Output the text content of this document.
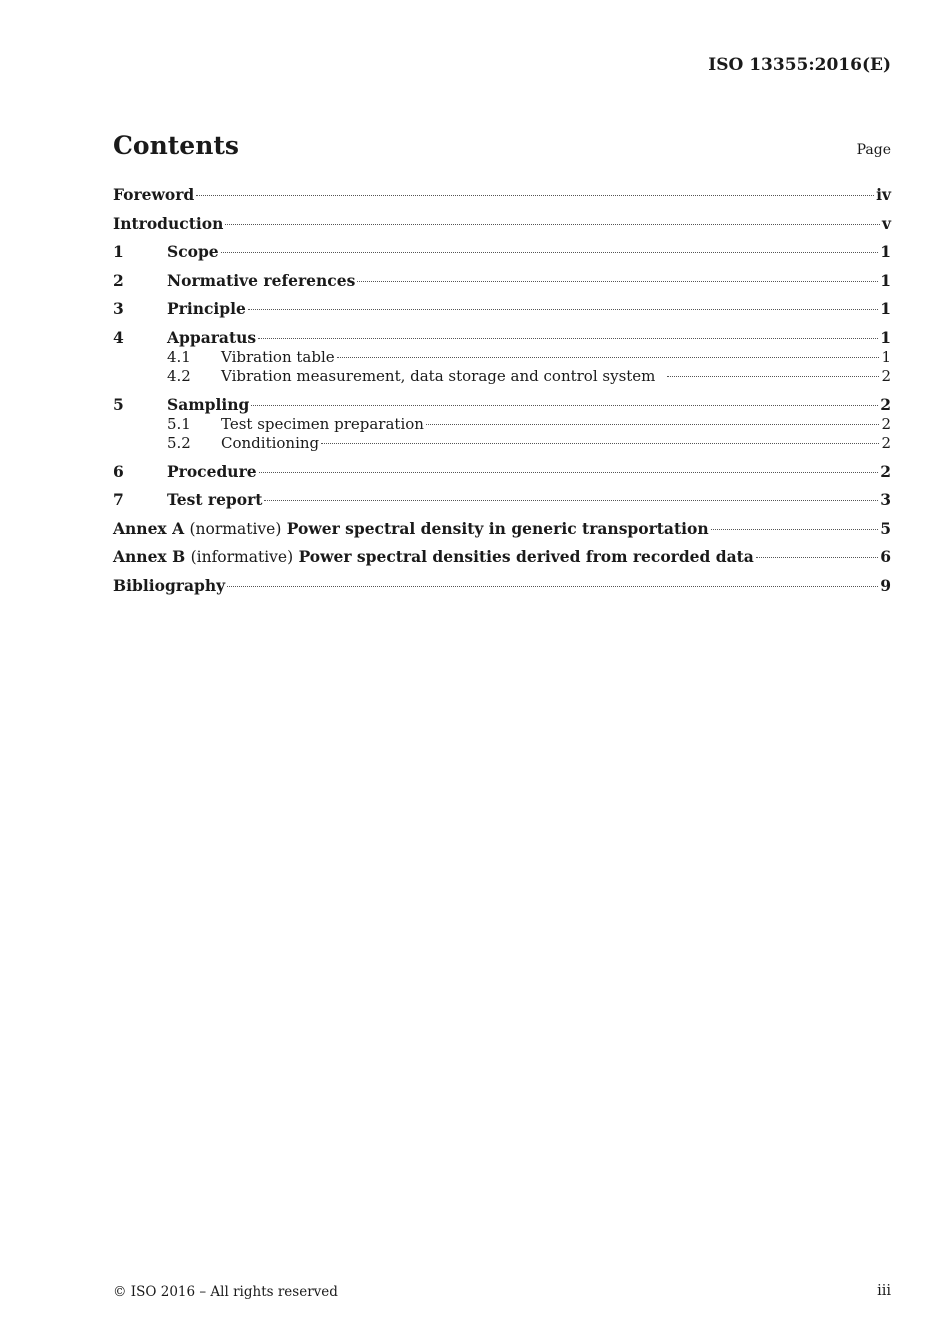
ISO 13355:2016(E)
Contents	Page
Foreword	iv
Introduction	v
1	Scope	1
2	Normative references	1
3	Principle	1
4	Apparatus	1
4.1	Vibration table	1
4.2	Vibration measurement, data storage and control system	2
5	Sampling	2
5.1	Test specimen preparation	2
5.2	Conditioning	2
6	Procedure	2
7	Test report	3
Annex A (normative) Power spectral density in generic transportation	5
Annex B (informative) Power spectral densities derived from recorded data	6
Bibliography	9
© ISO 2016 – All rights reserved	iii
